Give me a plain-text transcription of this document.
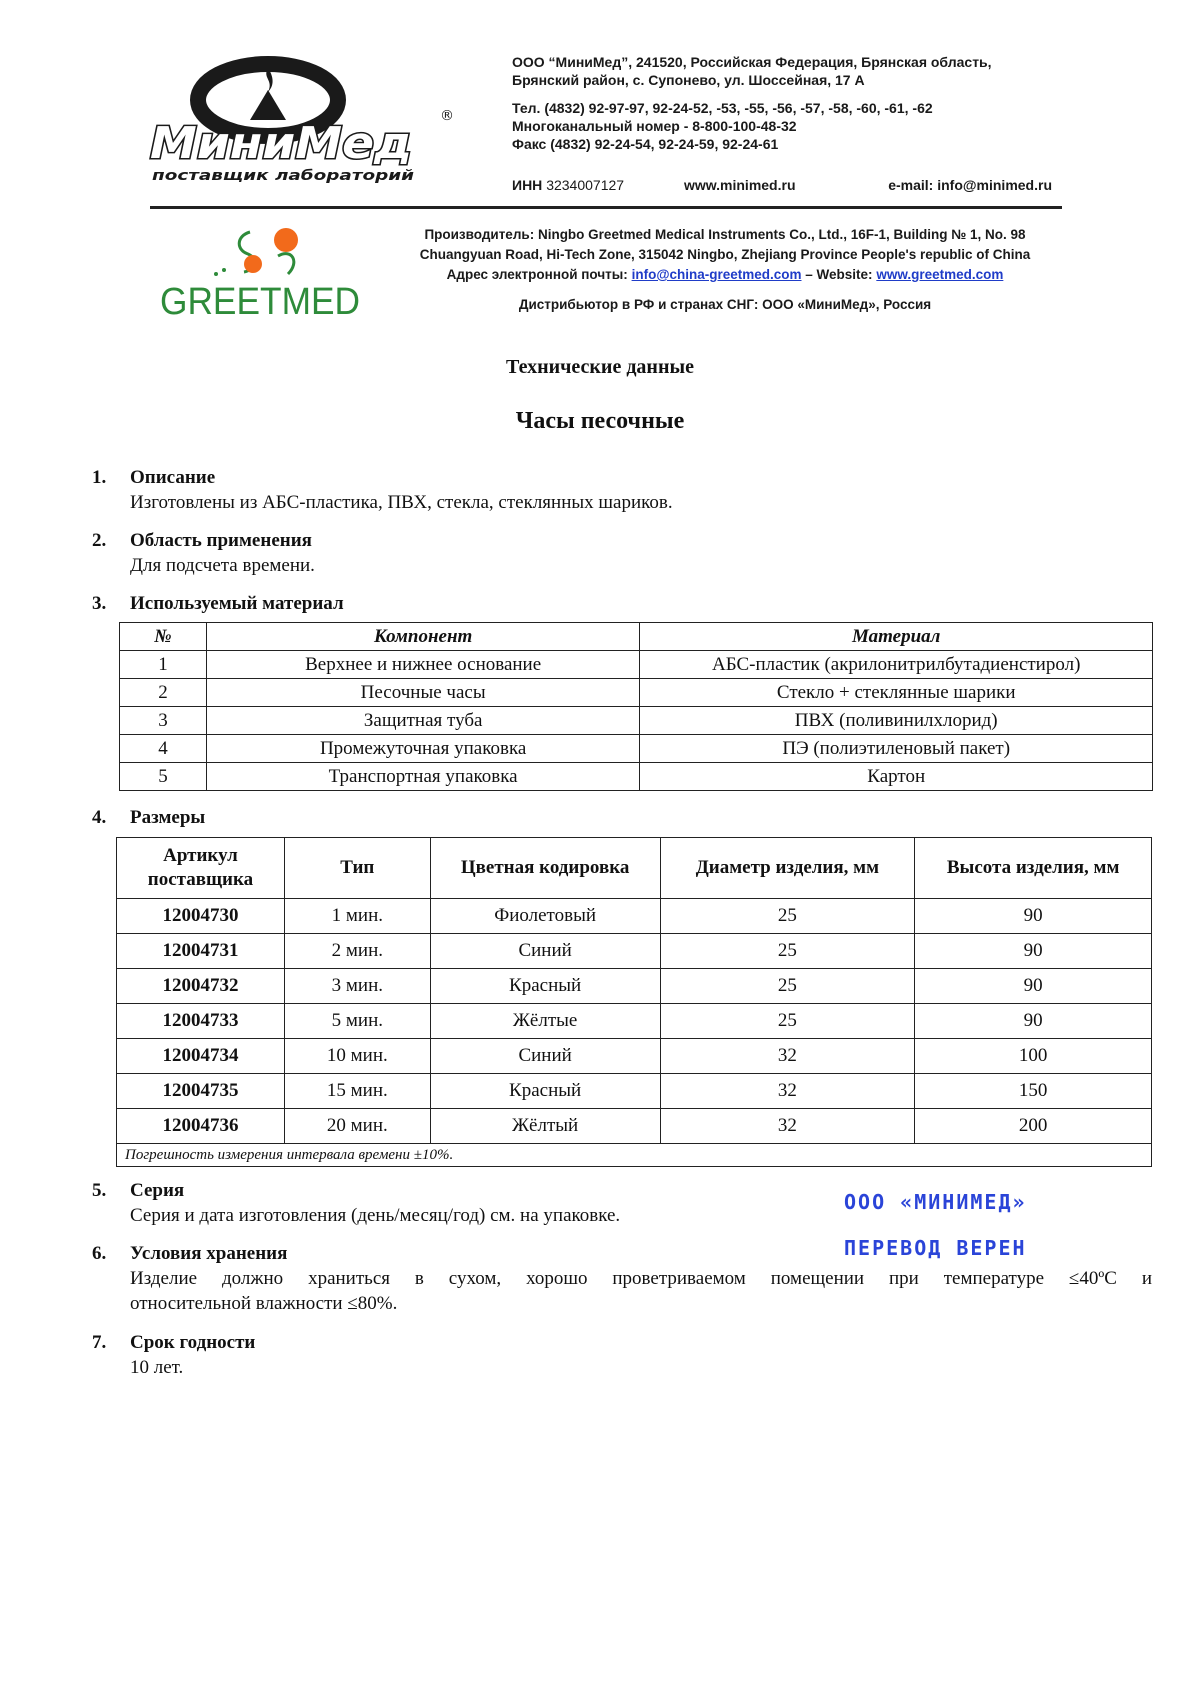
®
МиниМед
поставщик лабораторий
ООО “МиниМед”, 241520, Российская Федерация, Брянская область,
Брянский район, с. Супонево, ул. Шоссейная, 17 А
Тел. (4832) 92-97-97, 92-24-52, -53, -55, -56, -57, -58, -60, -61, -62
Многоканальный номер - 8-800-100-48-32
Факс (4832) 92-24-54, 92-24-59, 92-24-61
ИНН 3234007127	www.minimed.ru	e-mail: info@minimed.ru
GREETMED
Производитель: Ningbo Greetmed Medical Instruments Co., Ltd., 16F-1, Building № 1, No. 98
Chuangyuan Road, Hi-Tech Zone, 315042 Ningbo, Zhejiang Province People's republic of China
Адрес электронной почты: info@china-greetmed.com – Website: www.greetmed.com
Дистрибьютор в РФ и странах СНГ: ООО «МиниМед», Россия
Технические данные
Часы песочные
1. Описание
Изготовлены из АБС-пластика, ПВХ, стекла, стеклянных шариков.
2. Область применения
Для подсчета времени.
3. Используемый материал
№	Компонент	Материал
1	Верхнее и нижнее основание	АБС-пластик (акрилонитрилбутадиенстирол)
2	Песочные часы	Стекло + стеклянные шарики
3	Защитная туба	ПВХ (поливинилхлорид)
4	Промежуточная упаковка	ПЭ (полиэтиленовый пакет)
5	Транспортная упаковка	Картон
4. Размеры
Артикул поставщика	Тип	Цветная кодировка	Диаметр изделия, мм	Высота изделия, мм
12004730	1 мин.	Фиолетовый	25	90
12004731	2 мин.	Синий	25	90
12004732	3 мин.	Красный	25	90
12004733	5 мин.	Жёлтые	25	90
12004734	10 мин.	Синий	32	100
12004735	15 мин.	Красный	32	150
12004736	20 мин.	Жёлтый	32	200
Погрешность измерения интервала времени ±10%.				
5. Серия
Серия и дата изготовления (день/месяц/год) см. на упаковке.
6. Условия хранения
Изделие должно храниться в сухом, хорошо проветриваемом помещении при температуре ≤40ºC и
относительной влажности ≤80%.
7. Срок годности
10 лет.
ООО «МИНИМЕД»
ПЕРЕВОД ВЕРЕН
